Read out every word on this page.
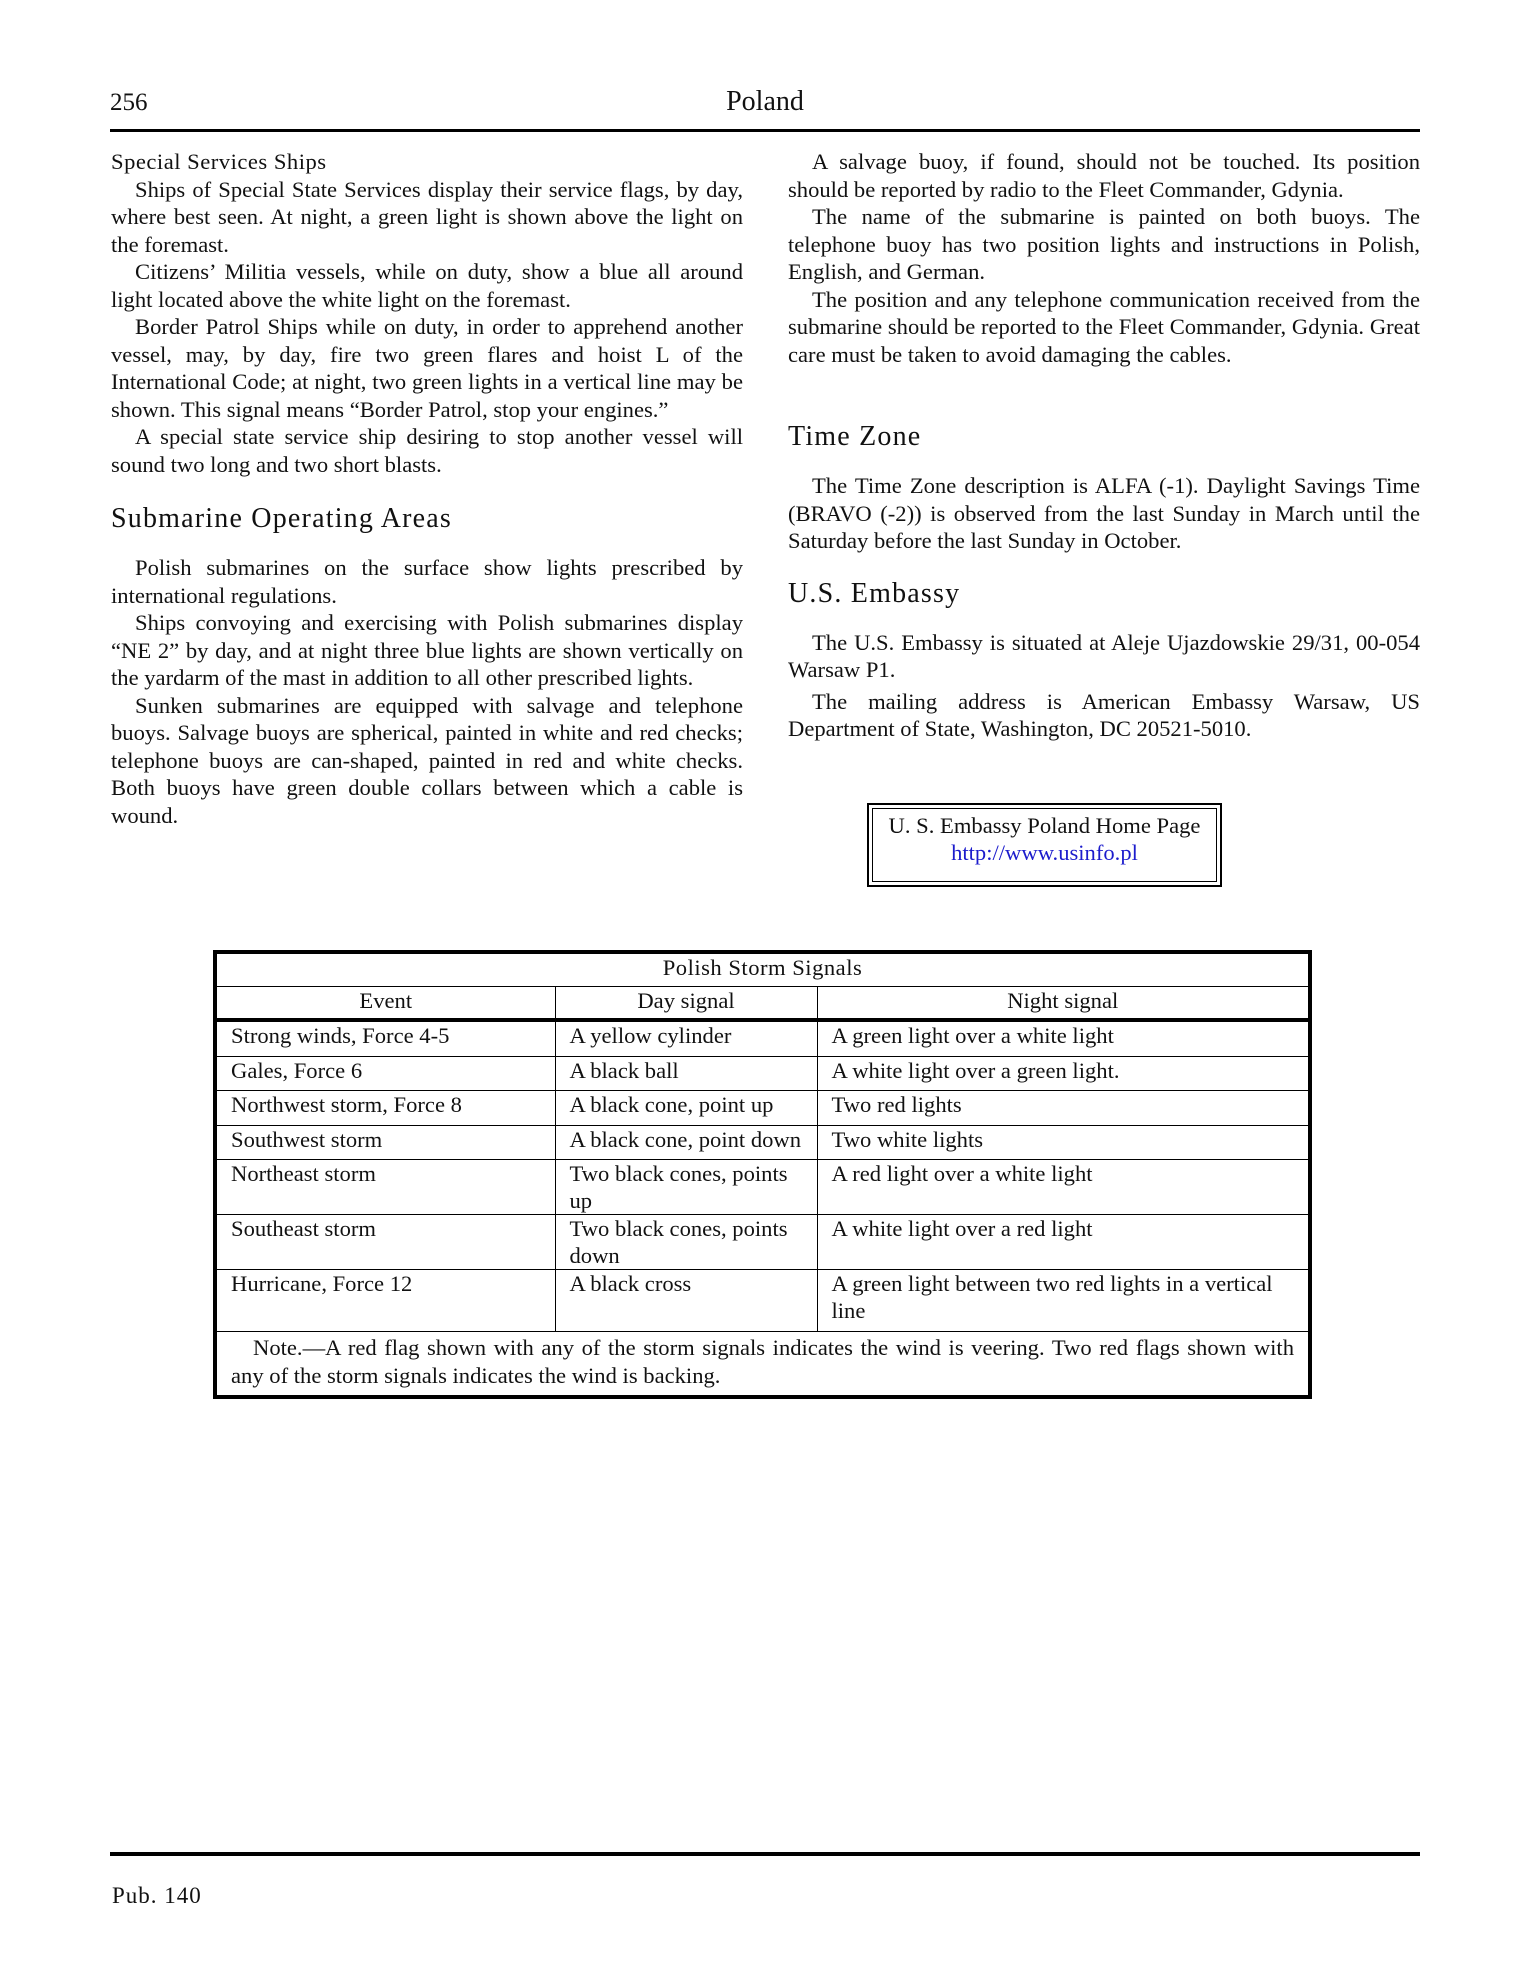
256	Poland
Special Services Ships

Ships of Special State Services display their service flags, by day, where best seen. At night, a green light is shown above the light on the foremast.

Citizens’ Militia vessels, while on duty, show a blue all around light located above the white light on the foremast.

Border Patrol Ships while on duty, in order to apprehend another vessel, may, by day, fire two green flares and hoist L of the International Code; at night, two green lights in a vertical line may be shown. This signal means “Border Patrol, stop your engines.”

A special state service ship desiring to stop another vessel will sound two long and two short blasts.

Submarine Operating Areas

Polish submarines on the surface show lights prescribed by international regulations.

Ships convoying and exercising with Polish submarines display “NE 2” by day, and at night three blue lights are shown vertically on the yardarm of the mast in addition to all other prescribed lights.

Sunken submarines are equipped with salvage and telephone buoys. Salvage buoys are spherical, painted in white and red checks; telephone buoys are can-shaped, painted in red and white checks. Both buoys have green double collars between which a cable is wound.

A salvage buoy, if found, should not be touched. Its position should be reported by radio to the Fleet Commander, Gdynia.

The name of the submarine is painted on both buoys. The telephone buoy has two position lights and instructions in Polish, English, and German.

The position and any telephone communication received from the submarine should be reported to the Fleet Commander, Gdynia. Great care must be taken to avoid damaging the cables.

Time Zone

The Time Zone description is ALFA (-1). Daylight Savings Time (BRAVO (-2)) is observed from the last Sunday in March until the Saturday before the last Sunday in October.

U.S. Embassy

The U.S. Embassy is situated at Aleje Ujazdowskie 29/31, 00-054 Warsaw P1.

The mailing address is American Embassy Warsaw, US Department of State, Washington, DC 20521-5010.

U. S. Embassy Poland Home Page
http://www.usinfo.pl
Polish Storm Signals		
Event	Day signal	Night signal
Strong winds, Force 4-5	A yellow cylinder	A green light over a white light
Gales, Force 6	A black ball	A white light over a green light.
Northwest storm, Force 8	A black cone, point up	Two red lights
Southwest storm	A black cone, point down	Two white lights
Northeast storm	Two black cones, points up	A red light over a white light
Southeast storm	Two black cones, points down	A white light over a red light
Hurricane, Force 12	A black cross	A green light between two red lights in a vertical line
Note.—A red flag shown with any of the storm signals indicates the wind is veering. Two red flags shown with any of the storm signals indicates the wind is backing.		
Pub. 140
